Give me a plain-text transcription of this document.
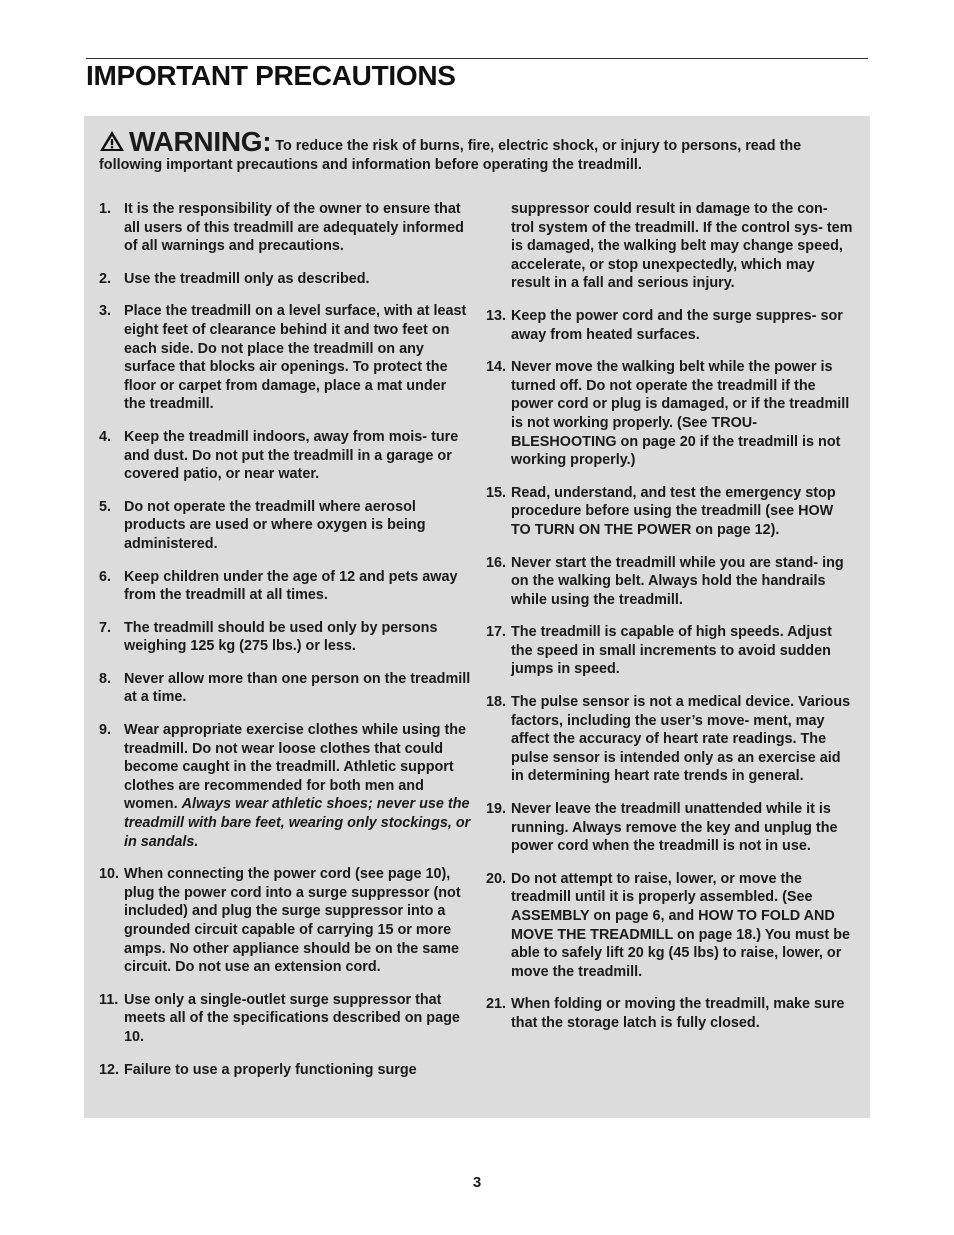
IMPORTANT PRECAUTIONS
WARNING: To reduce the risk of burns, fire, electric shock, or injury to persons, read the following important precautions and information before operating the treadmill.
1. It is the responsibility of the owner to ensure that all users of this treadmill are adequately informed of all warnings and precautions.
2. Use the treadmill only as described.
3. Place the treadmill on a level surface, with at least eight feet of clearance behind it and two feet on each side. Do not place the treadmill on any surface that blocks air openings. To protect the floor or carpet from damage, place a mat under the treadmill.
4. Keep the treadmill indoors, away from mois- ture and dust. Do not put the treadmill in a garage or covered patio, or near water.
5. Do not operate the treadmill where aerosol products are used or where oxygen is being administered.
6. Keep children under the age of 12 and pets away from the treadmill at all times.
7. The treadmill should be used only by persons weighing 125 kg (275 lbs.) or less.
8. Never allow more than one person on the treadmill at a time.
9. Wear appropriate exercise clothes while using the treadmill. Do not wear loose clothes that could become caught in the treadmill. Athletic support clothes are recommended for both men and women. Always wear athletic shoes; never use the treadmill with bare feet, wearing only stockings, or in sandals.
10. When connecting the power cord (see page 10), plug the power cord into a surge suppressor (not included) and plug the surge suppressor into a grounded circuit capable of carrying 15 or more amps. No other appliance should be on the same circuit. Do not use an extension cord.
11. Use only a single-outlet surge suppressor that meets all of the specifications described on page 10.
12. Failure to use a properly functioning surge
suppressor could result in damage to the con- trol system of the treadmill. If the control sys- tem is damaged, the walking belt may change speed, accelerate, or stop unexpectedly, which may result in a fall and serious injury.
13. Keep the power cord and the surge suppres- sor away from heated surfaces.
14. Never move the walking belt while the power is turned off. Do not operate the treadmill if the power cord or plug is damaged, or if the treadmill is not working properly. (See TROU- BLESHOOTING on page 20 if the treadmill is not working properly.)
15. Read, understand, and test the emergency stop procedure before using the treadmill (see HOW TO TURN ON THE POWER on page 12).
16. Never start the treadmill while you are stand- ing on the walking belt. Always hold the handrails while using the treadmill.
17. The treadmill is capable of high speeds. Adjust the speed in small increments to avoid sudden jumps in speed.
18. The pulse sensor is not a medical device. Various factors, including the user’s move- ment, may affect the accuracy of heart rate readings. The pulse sensor is intended only as an exercise aid in determining heart rate trends in general.
19. Never leave the treadmill unattended while it is running. Always remove the key and unplug the power cord when the treadmill is not in use.
20. Do not attempt to raise, lower, or move the treadmill until it is properly assembled. (See ASSEMBLY on page 6, and HOW TO FOLD AND MOVE THE TREADMILL on page 18.) You must be able to safely lift 20 kg (45 lbs) to raise, lower, or move the treadmill.
21. When folding or moving the treadmill, make sure that the storage latch is fully closed.
3
